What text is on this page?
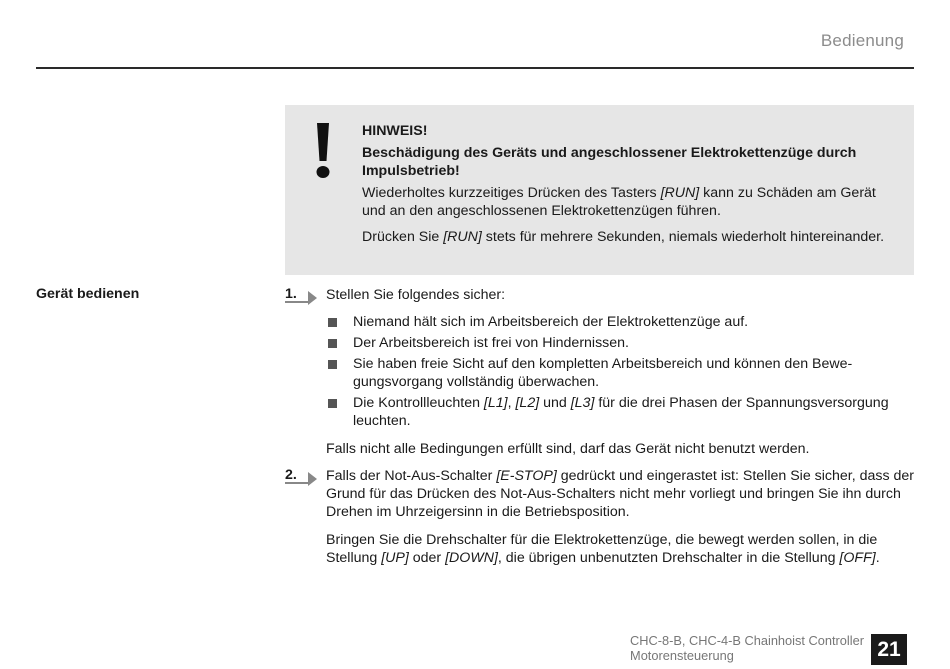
Bedienung
HINWEIS!
Beschädigung des Geräts und angeschlossener Elektrokettenzüge durch Impulsbetrieb!

Wiederholtes kurzzeitiges Drücken des Tasters [RUN] kann zu Schäden am Gerät und an den angeschlossenen Elektrokettenzügen führen.

Drücken Sie [RUN] stets für mehrere Sekunden, niemals wiederholt hintereinander.

Gerät bedienen	1. Stellen Sie folgendes sicher:

Niemand hält sich im Arbeitsbereich der Elektrokettenzüge auf.
Der Arbeitsbereich ist frei von Hindernissen.
Sie haben freie Sicht auf den kompletten Arbeitsbereich und können den Bewegungsvorgang vollständig überwachen.
Die Kontrollleuchten [L1], [L2] und [L3] für die drei Phasen der Spannungsversorgung leuchten.

Falls nicht alle Bedingungen erfüllt sind, darf das Gerät nicht benutzt werden.

2. Falls der Not-Aus-Schalter [E-STOP] gedrückt und eingerastet ist: Stellen Sie sicher, dass der Grund für das Drücken des Not-Aus-Schalters nicht mehr vorliegt und bringen Sie ihn durch Drehen im Uhrzeigersinn in die Betriebsposition.

Bringen Sie die Drehschalter für die Elektrokettenzüge, die bewegt werden sollen, in die Stellung [UP] oder [DOWN], die übrigen unbenutzten Drehschalter in die Stellung [OFF].

CHC-8-B, CHC-4-B Chainhoist Controller
Motorensteuerung	21
